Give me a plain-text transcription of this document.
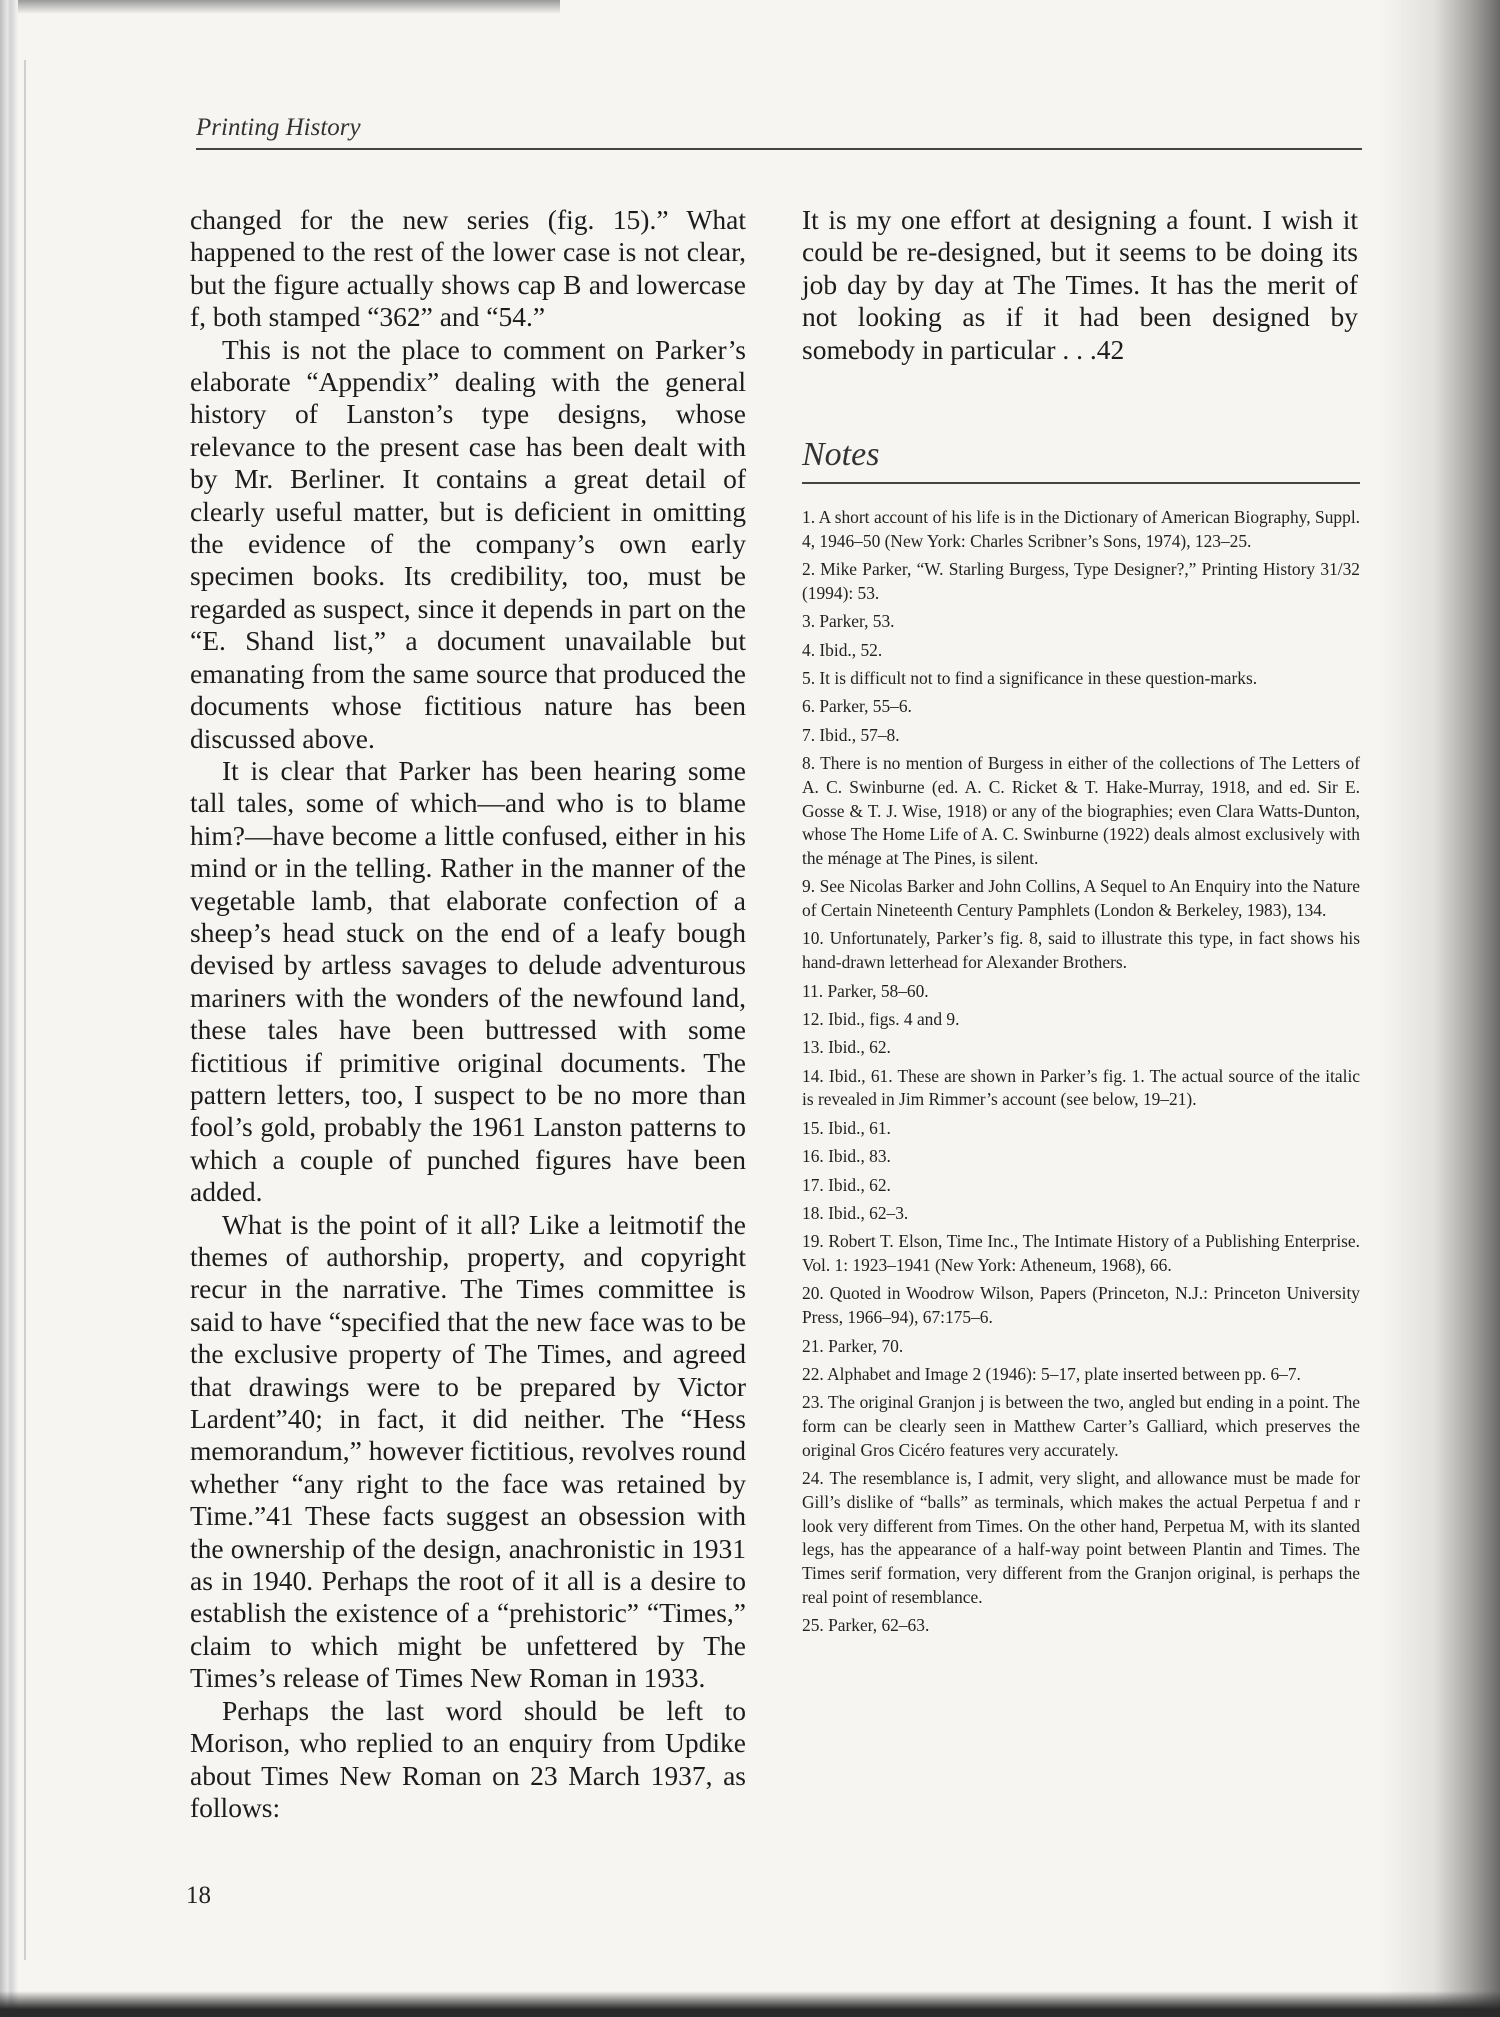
Printing History

changed for the new series (fig. 15).” What happened to the rest of the lower case is not clear, but the figure actually shows cap B and lowercase f, both stamped “362” and “54.”

This is not the place to comment on Parker’s elaborate “Appendix” dealing with the general history of Lanston’s type designs, whose relevance to the present case has been dealt with by Mr. Berliner. It contains a great detail of clearly useful matter, but is deficient in omitting the evidence of the company’s own early specimen books. Its credibility, too, must be regarded as suspect, since it depends in part on the “E. Shand list,” a document unavailable but emanating from the same source that produced the documents whose fictitious nature has been discussed above.

It is clear that Parker has been hearing some tall tales, some of which—and who is to blame him?—have become a little confused, either in his mind or in the telling. Rather in the manner of the vegetable lamb, that elaborate confection of a sheep’s head stuck on the end of a leafy bough devised by artless savages to delude adventurous mariners with the wonders of the newfound land, these tales have been buttressed with some fictitious if primitive original documents. The pattern letters, too, I suspect to be no more than fool’s gold, probably the 1961 Lanston patterns to which a couple of punched figures have been added.

What is the point of it all? Like a leitmotif the themes of authorship, property, and copyright recur in the narrative. The Times committee is said to have “specified that the new face was to be the exclusive property of The Times, and agreed that drawings were to be prepared by Victor Lardent”40; in fact, it did neither. The “Hess memorandum,” however fictitious, revolves round whether “any right to the face was retained by Time.”41 These facts suggest an obsession with the ownership of the design, anachronistic in 1931 as in 1940. Perhaps the root of it all is a desire to establish the existence of a “prehistoric” “Times,” claim to which might be unfettered by The Times’s release of Times New Roman in 1933.

Perhaps the last word should be left to Morison, who replied to an enquiry from Updike about Times New Roman on 23 March 1937, as follows:

It is my one effort at designing a fount. I wish it could be re-designed, but it seems to be doing its job day by day at The Times. It has the merit of not looking as if it had been designed by somebody in particular . . .42

Notes
1. A short account of his life is in the Dictionary of American Biography, Suppl. 4, 1946–50 (New York: Charles Scribner’s Sons, 1974), 123–25.
2. Mike Parker, “W. Starling Burgess, Type Designer?,” Printing History 31/32 (1994): 53.
3. Parker, 53.
4. Ibid., 52.
5. It is difficult not to find a significance in these question-marks.
6. Parker, 55–6.
7. Ibid., 57–8.
8. There is no mention of Burgess in either of the collections of The Letters of A. C. Swinburne (ed. A. C. Ricket & T. Hake-Murray, 1918, and ed. Sir E. Gosse & T. J. Wise, 1918) or any of the biographies; even Clara Watts-Dunton, whose The Home Life of A. C. Swinburne (1922) deals almost exclusively with the ménage at The Pines, is silent.
9. See Nicolas Barker and John Collins, A Sequel to An Enquiry into the Nature of Certain Nineteenth Century Pamphlets (London & Berkeley, 1983), 134.
10. Unfortunately, Parker’s fig. 8, said to illustrate this type, in fact shows his hand-drawn letterhead for Alexander Brothers.
11. Parker, 58–60.
12. Ibid., figs. 4 and 9.
13. Ibid., 62.
14. Ibid., 61. These are shown in Parker’s fig. 1. The actual source of the italic is revealed in Jim Rimmer’s account (see below, 19–21).
15. Ibid., 61.
16. Ibid., 83.
17. Ibid., 62.
18. Ibid., 62–3.
19. Robert T. Elson, Time Inc., The Intimate History of a Publishing Enterprise. Vol. 1: 1923–1941 (New York: Atheneum, 1968), 66.
20. Quoted in Woodrow Wilson, Papers (Princeton, N.J.: Princeton University Press, 1966–94), 67:175–6.
21. Parker, 70.
22. Alphabet and Image 2 (1946): 5–17, plate inserted between pp. 6–7.
23. The original Granjon j is between the two, angled but ending in a point. The form can be clearly seen in Matthew Carter’s Galliard, which preserves the original Gros Cicéro features very accurately.
24. The resemblance is, I admit, very slight, and allowance must be made for Gill’s dislike of “balls” as terminals, which makes the actual Perpetua f and r look very different from Times. On the other hand, Perpetua M, with its slanted legs, has the appearance of a half-way point between Plantin and Times. The Times serif formation, very different from the Granjon original, is perhaps the real point of resemblance.
25. Parker, 62–63.
18
